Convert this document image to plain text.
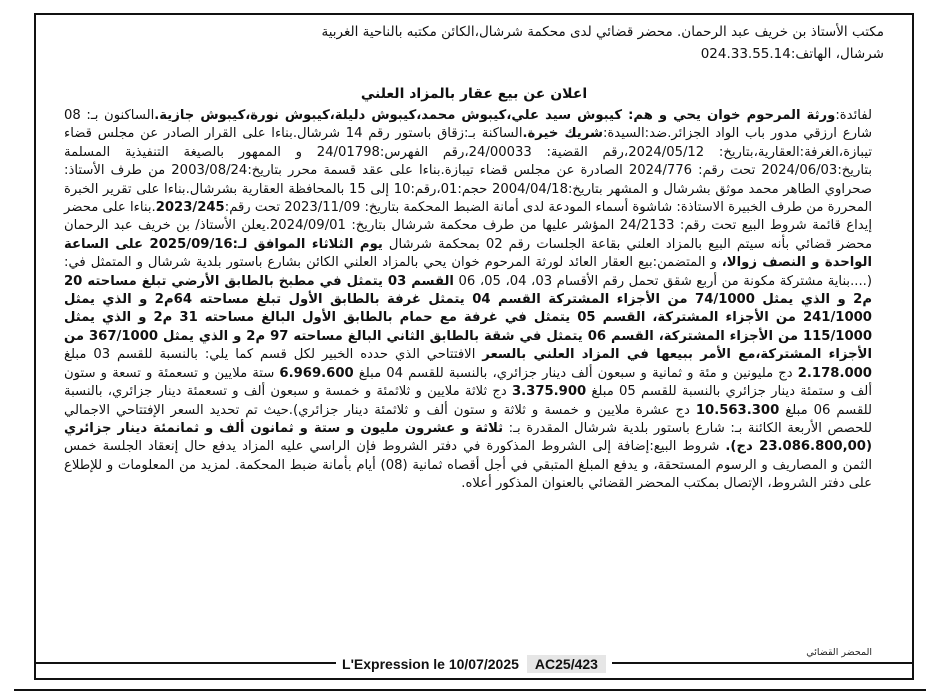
مكتب الأستاذ بن خريف عبد الرحمان. محضر قضائي لدى محكمة شرشال،الكائن مكتبه بالناحية الغربية
شرشال، الهاتف:024.33.55.14
اعلان عن بيع عقار بالمزاد العلني

لفائدة:ورثة المرحوم خوان يحي و هم: كيبوش سيد علي،كيبوش محمد،كيبوش دليلة،كيبوش نورة،كيبوش جازية.الساكنون بـ: 08 شارع ارزقي مدور باب الواد الجزائر.ضد:السيدة:شريك خيرة.الساكنة بـ:زقاق باستور رقم 14 شرشال.بناءا على القرار الصادر عن مجلس قضاء تيبازة،الغرفة:العقارية،بتاريخ: 2024/05/12،رقم القضية: 24/00033،رقم الفهرس:24/01798 و الممهور بالصيغة التنفيذية المسلمة بتاريخ:2024/06/03 تحت رقم: 2024/776 الصادرة عن مجلس قضاء تيبازة.بناءا على عقد قسمة محرر بتاريخ:2003/08/24 من طرف الأستاذ: صحراوي الطاهر محمد موثق بشرشال و المشهر بتاريخ:2004/04/18 حجم:01،رقم:10 إلى 15 بالمحافظة العقارية بشرشال.بناءا على تقرير الخبرة المحررة من طرف الخبيرة الاستاذة: شاشوة أسماء المودعة لدى أمانة الضبط المحكمة بتاريخ: 2023/11/09 تحت رقم:2023/245.بناءا على محضر إيداع قائمة شروط البيع تحت رقم: 24/2133 المؤشر عليها من طرف محكمة شرشال بتاريخ: 2024/09/01.يعلن الأستاذ/ بن خريف عبد الرحمان محضر قضائي بأنه سيتم البيع بالمزاد العلني بقاعة الجلسات رقم 02 بمحكمة شرشال يوم الثلاثاء الموافق لـ:2025/09/16 على الساعة الواحدة و النصف زوالا، و المتضمن:بيع العقار العائد لورثة المرحوم خوان يحي بالمزاد العلني الكائن بشارع باستور بلدية شرشال و المتمثل في: (....بناية مشتركة مكونة من أربع شقق تحمل رقم الأقسام 03، 04، 05، 06 القسم 03 يتمثل في مطبخ بالطابق الأرضي تبلغ مساحته 20 م2 و الذي يمثل 74/1000 من الأجزاء المشتركة القسم 04 يتمثل غرفة بالطابق الأول تبلغ مساحته 64م2 و الذي يمثل 241/1000 من الأجزاء المشتركة، القسم 05 يتمثل في غرفة مع حمام بالطابق الأول البالغ مساحته 31 م2 و الذي يمثل 115/1000 من الأجزاء المشتركة، القسم 06 يتمثل في شقة بالطابق الثاني البالغ مساحته 97 م2 و الذي يمثل 367/1000 من الأجزاء المشتركة،مع الأمر ببيعها في المزاد العلني بالسعر الافتتاحي الذي حدده الخبير لكل قسم كما يلي: بالنسبة للقسم 03 مبلغ 2.178.000 دج مليونين و مئة و ثمانية و سبعون ألف دينار جزائري، بالنسبة للقسم 04 مبلغ 6.969.600 ستة ملايين و تسعمئة و تسعة و ستون ألف و ستمئة دينار جزائري بالنسبة للقسم 05 مبلغ 3.375.900 دج ثلاثة ملايين و ثلاثمئة و خمسة و سبعون ألف و تسعمئة دينار جزائري، بالنسبة للقسم 06 مبلغ 10.563.300 دج عشرة ملايين و خمسة و ثلاثة و ستون ألف و ثلاثمئة دينار جزائري).حيث تم تحديد السعر الإفتتاحي الاجمالي للحصص الأربعة الكائنة بـ: شارع باستور بلدية شرشال المقدرة بـ: ثلاثة و عشرون مليون و ستة و ثمانون ألف و ثمانمئة دينار جزائري (23.086.800,00 دج). شروط البيع:إضافة إلى الشروط المذكورة في دفتر الشروط فإن الراسي عليه المزاد يدفع حال إنعقاد الجلسة خمس الثمن و المصاريف و الرسوم المستحقة، و يدفع المبلغ المتبقي في أجل أقصاه ثمانية (08) أيام بأمانة ضبط المحكمة. لمزيد من المعلومات و للإطلاع على دفتر الشروط، الإتصال بمكتب المحضر القضائي بالعنوان المذكور أعلاه.

المحضر القضائي
L'Expression le 10/07/2025	AC25/423
